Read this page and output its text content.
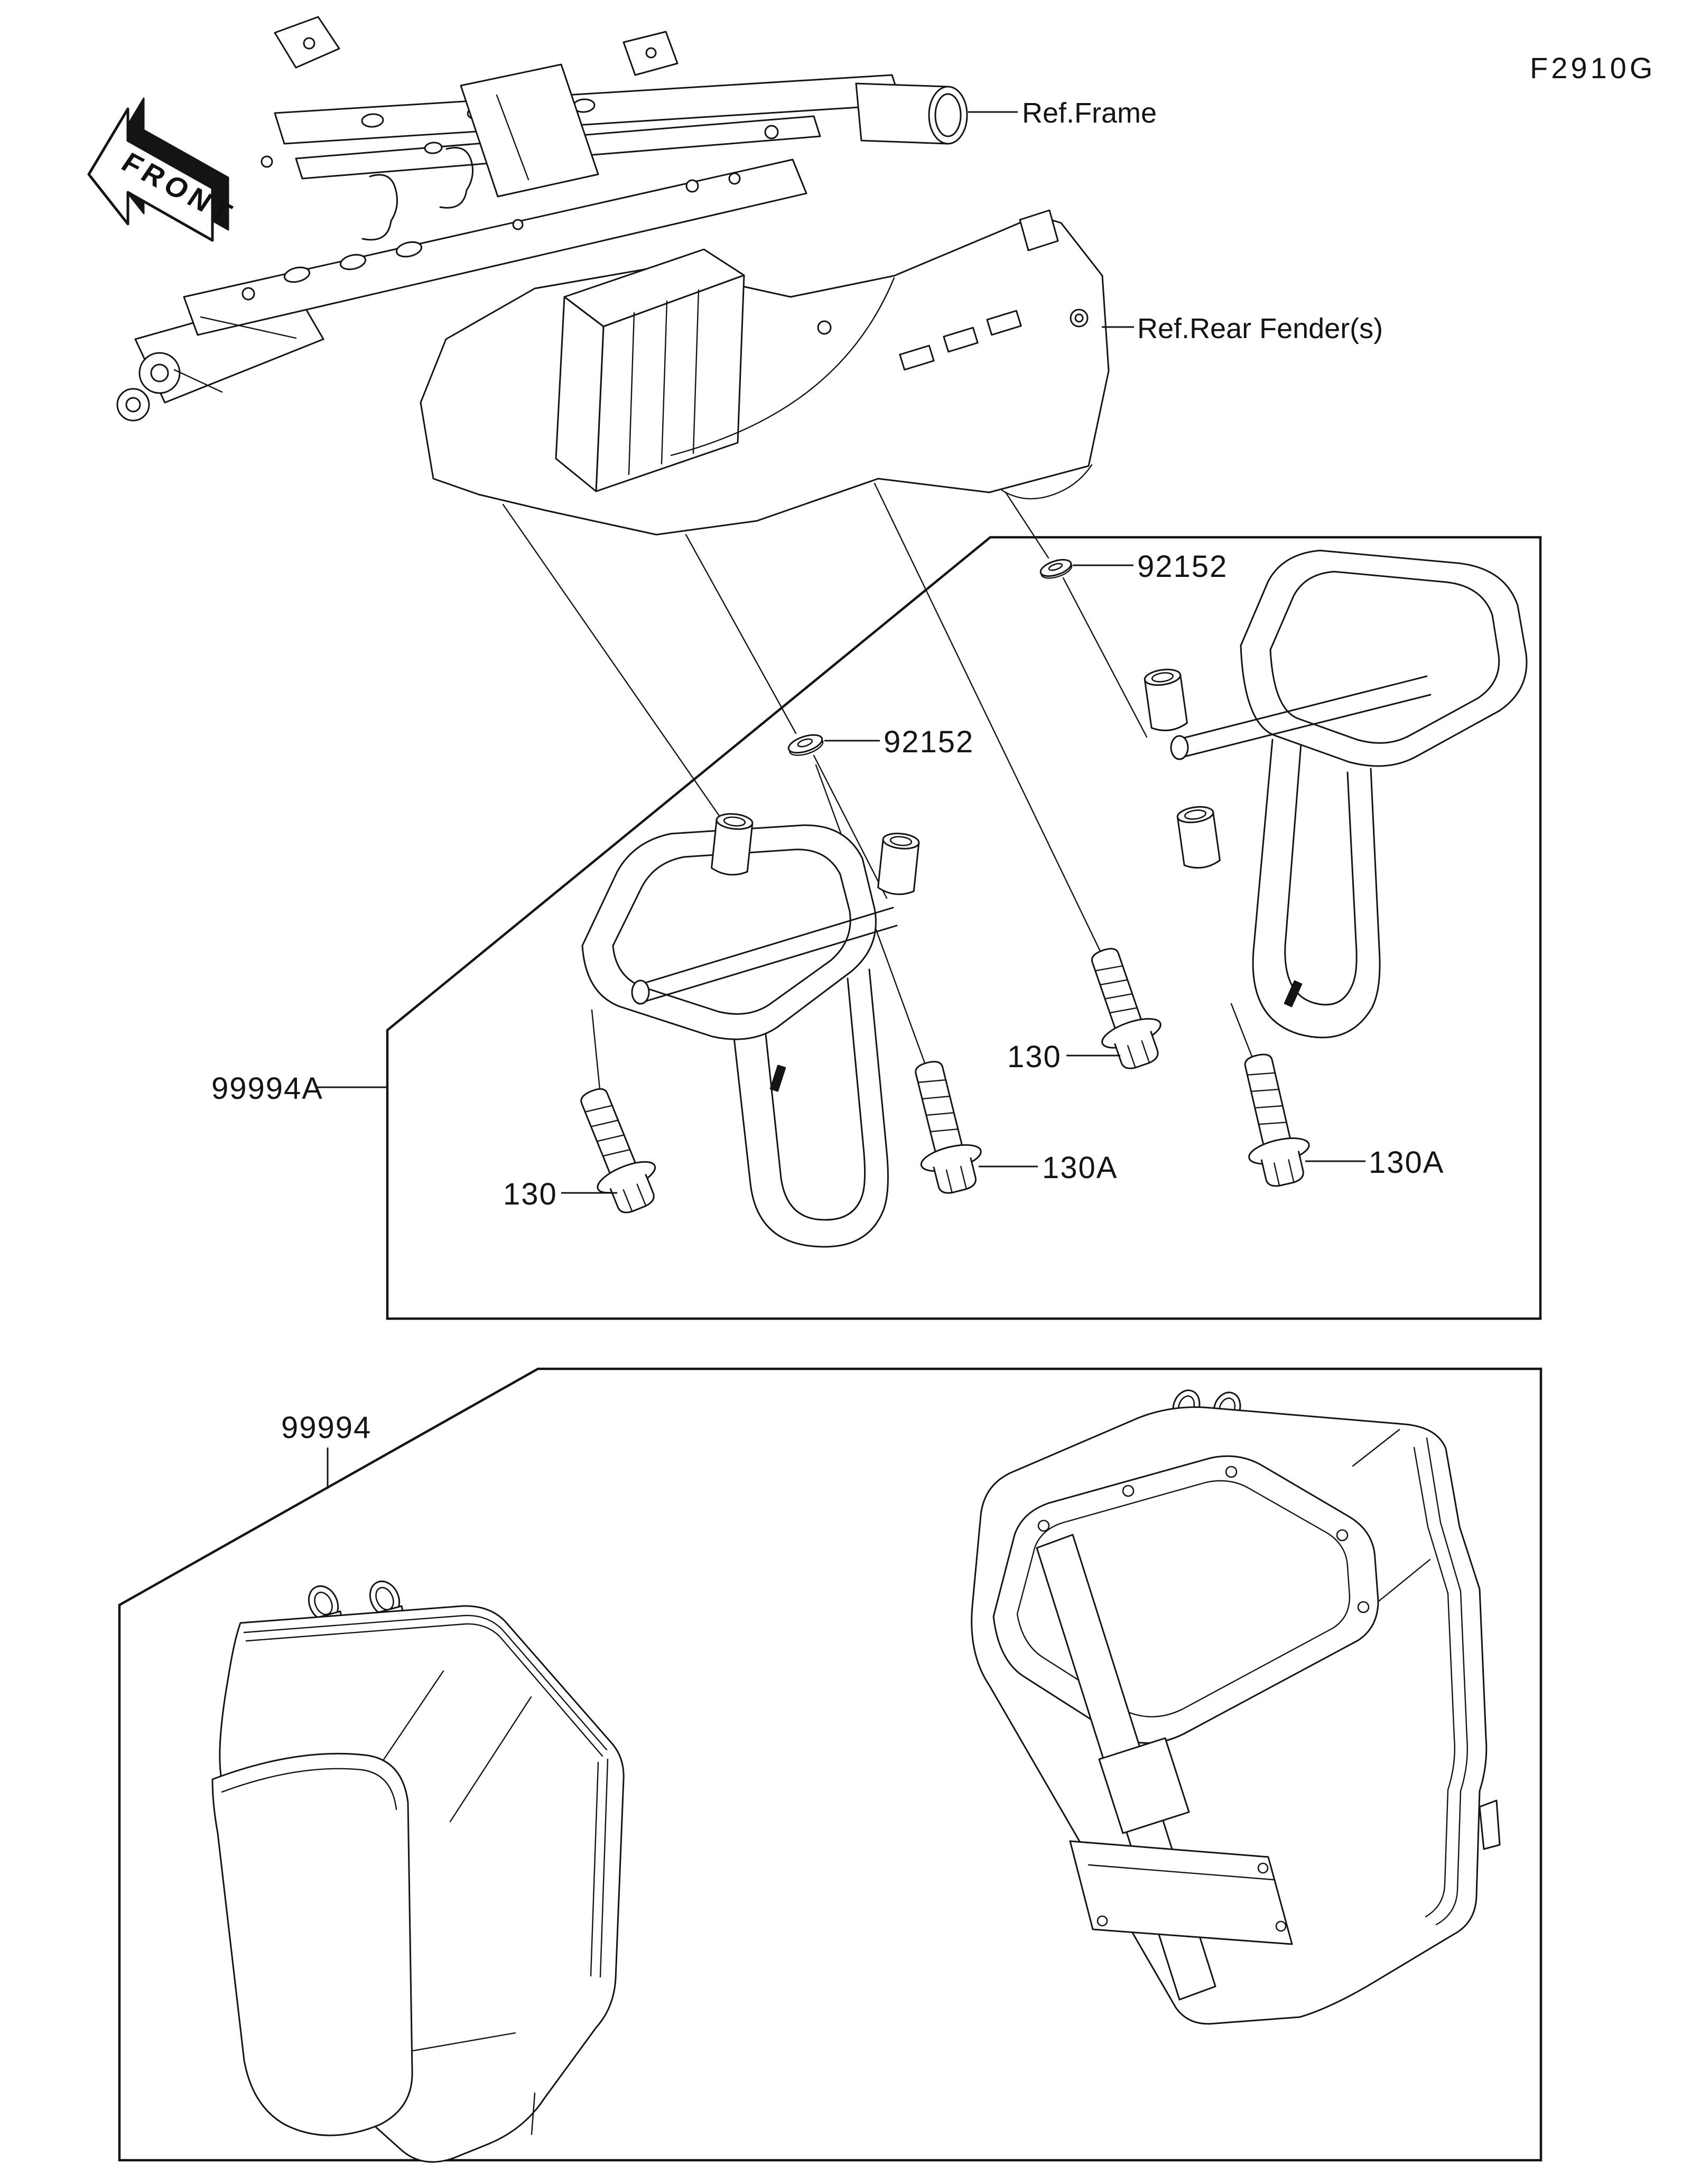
FRONT
F2910G
Ref.Frame
Ref.Rear Fender(s)
92152
92152
99994A
130
130
130A	130A
99994
